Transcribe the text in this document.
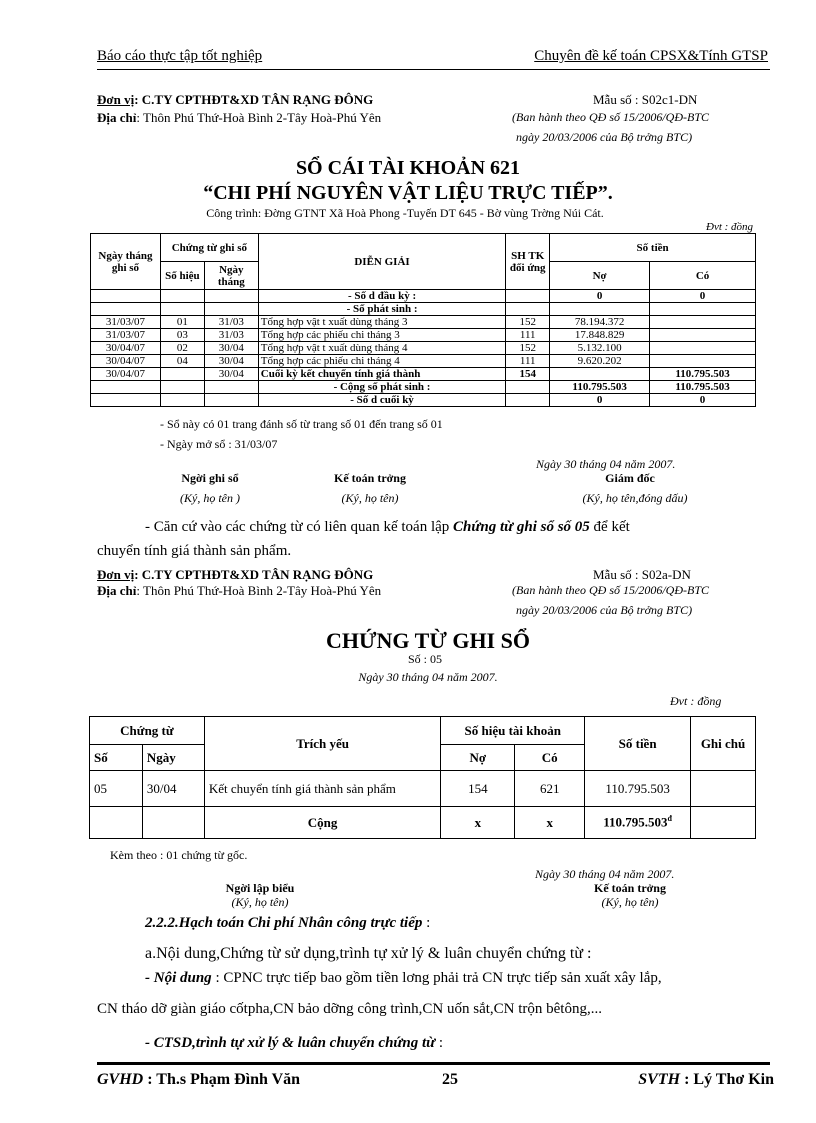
Báo cáo thực tập tốt nghiệp	Chuyên đề kế toán CPSX&Tính GTSP
Đơn vị: C.TY CPTHĐT&XD TÂN RẠNG ĐÔNG
Địa chỉ: Thôn Phú Thứ-Hoà Bình 2-Tây Hoà-Phú Yên
Mẫu số : S02c1-DN
(Ban hành theo QĐ số 15/2006/QĐ-BTC
ngày 20/03/2006 của Bộ trởng BTC)
SỔ CÁI TÀI KHOẢN 621
“CHI PHÍ NGUYÊN VẬT LIỆU TRỰC TIẾP”.
Công trình: Đờng GTNT Xã Hoà Phong -Tuyến DT 645 - Bờ vùng Trờng Núi Cát.
Đvt : đồng
Ngày tháng ghi sổ	Chứng từ ghi sổ		DIỄN GIẢI	SH TK đối ứng	Số tiền	
	Số hiệu	Ngày tháng			Nợ	Có
			- Số d đầu kỳ :		0	0
			- Số phát sinh :			
31/03/07	01	31/03	Tổng hợp vật t xuất dùng tháng 3	152	78.194.372	
31/03/07	03	31/03	Tổng hợp các phiếu chi tháng 3	111	17.848.829	
30/04/07	02	30/04	Tổng hợp vật t xuất dùng tháng 4	152	5.132.100	
30/04/07	04	30/04	Tổng hợp các phiếu chi tháng 4	111	9.620.202	
30/04/07		30/04	Cuối kỳ kết chuyển tính giá thành	154		110.795.503
			- Cộng số phát sinh :		110.795.503	110.795.503
			- Số d cuối kỳ		0	0
- Sổ này có 01 trang đánh số từ trang số 01 đến trang số 01
- Ngày mở sổ : 31/03/07
Ngày 30 tháng 04 năm 2007.
Ngời ghi sổ	Kế toán trởng	Giám đốc
(Ký, họ tên )	(Ký, họ tên)	(Ký, họ tên,đóng dấu)
- Căn cứ vào các chứng từ có liên quan kế toán lập Chứng từ ghi sổ số 05 để kết
chuyển tính giá thành sản phẩm.
Đơn vị: C.TY CPTHĐT&XD TÂN RẠNG ĐÔNG
Địa chỉ: Thôn Phú Thứ-Hoà Bình 2-Tây Hoà-Phú Yên
Mẫu số : S02a-DN
(Ban hành theo QĐ số 15/2006/QĐ-BTC
ngày 20/03/2006 của Bộ trởng BTC)
CHỨNG TỪ GHI SỔ
Số : 05
Ngày 30 tháng 04 năm 2007.
Đvt : đồng
Chứng từ		Trích yếu	Số hiệu tài khoản		Số tiền	Ghi chú
Số	Ngày		Nợ	Có		
05	30/04	Kết chuyển tính giá thành sản phẩm	154	621	110.795.503	
		Cộng	x	x	$110.795.503^đ$	
Kèm theo : 01 chứng từ gốc.
Ngày 30 tháng 04 năm 2007.
Ngời lập biểu	Kế toán trởng
(Ký, họ tên)	(Ký, họ tên)
2.2.2.Hạch toán Chi phí Nhân công trực tiếp :
a.Nội dung,Chứng từ sử dụng,trình tự xử lý & luân chuyển chứng từ :
- Nội dung : CPNC trực tiếp bao gồm tiền lơng phải trả CN trực tiếp sản xuất xây lắp,
CN tháo dỡ giàn giáo cốtpha,CN bảo dỡng công trình,CN uốn sắt,CN trộn bêtông,...
- CTSD,trình tự xử lý & luân chuyển chứng từ :
GVHD : Th.s Phạm Đình Văn	25	SVTH : Lý Thơ Kin
